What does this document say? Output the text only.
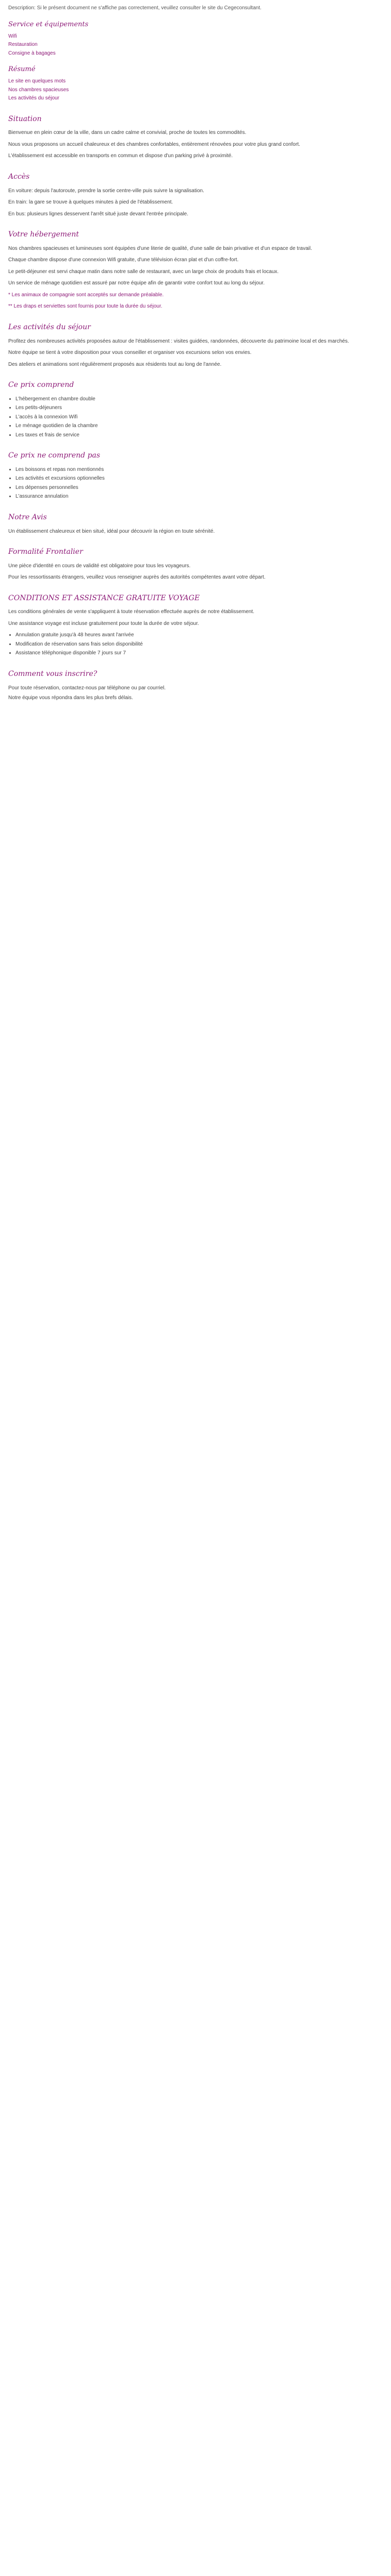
Description: Si le présent document ne s'affiche pas correctement, veuillez consulter le site du Cegeconsultant.

Service et équipements
Wifi
Restauration
Consigne à bagages
Résumé
Le site en quelques mots
Nos chambres spacieuses
Les activités du séjour
Situation

Bienvenue en plein cœur de la ville, dans un cadre calme et convivial, proche de toutes les commodités.

Nous vous proposons un accueil chaleureux et des chambres confortables, entièrement rénovées pour votre plus grand confort.

L'établissement est accessible en transports en commun et dispose d'un parking privé à proximité.

Accès

En voiture: depuis l'autoroute, prendre la sortie centre-ville puis suivre la signalisation.

En train: la gare se trouve à quelques minutes à pied de l'établissement.

En bus: plusieurs lignes desservent l'arrêt situé juste devant l'entrée principale.

Votre hébergement

Nos chambres spacieuses et lumineuses sont équipées d'une literie de qualité, d'une salle de bain privative et d'un espace de travail.

Chaque chambre dispose d'une connexion Wifi gratuite, d'une télévision écran plat et d'un coffre-fort.

Le petit-déjeuner est servi chaque matin dans notre salle de restaurant, avec un large choix de produits frais et locaux.

Un service de ménage quotidien est assuré par notre équipe afin de garantir votre confort tout au long du séjour.

* Les animaux de compagnie sont acceptés sur demande préalable.

** Les draps et serviettes sont fournis pour toute la durée du séjour.

Les activités du séjour

Profitez des nombreuses activités proposées autour de l'établissement : visites guidées, randonnées, découverte du patrimoine local et des marchés.

Notre équipe se tient à votre disposition pour vous conseiller et organiser vos excursions selon vos envies.

Des ateliers et animations sont régulièrement proposés aux résidents tout au long de l'année.

Ce prix comprend
• L'hébergement en chambre double
• Les petits-déjeuners
• L'accès à la connexion Wifi
• Le ménage quotidien de la chambre
• Les taxes et frais de service
Ce prix ne comprend pas
• Les boissons et repas non mentionnés
• Les activités et excursions optionnelles
• Les dépenses personnelles
• L'assurance annulation
Notre Avis

Un établissement chaleureux et bien situé, idéal pour découvrir la région en toute sérénité.

Formalité Frontalier

Une pièce d'identité en cours de validité est obligatoire pour tous les voyageurs.

Pour les ressortissants étrangers, veuillez vous renseigner auprès des autorités compétentes avant votre départ.

CONDITIONS ET ASSISTANCE GRATUITE VOYAGE

Les conditions générales de vente s'appliquent à toute réservation effectuée auprès de notre établissement.

Une assistance voyage est incluse gratuitement pour toute la durée de votre séjour.

• Annulation gratuite jusqu'à 48 heures avant l'arrivée
• Modification de réservation sans frais selon disponibilité
• Assistance téléphonique disponible 7 jours sur 7
Comment vous inscrire?

Pour toute réservation, contactez-nous par téléphone ou par courriel.

Notre équipe vous répondra dans les plus brefs délais.
